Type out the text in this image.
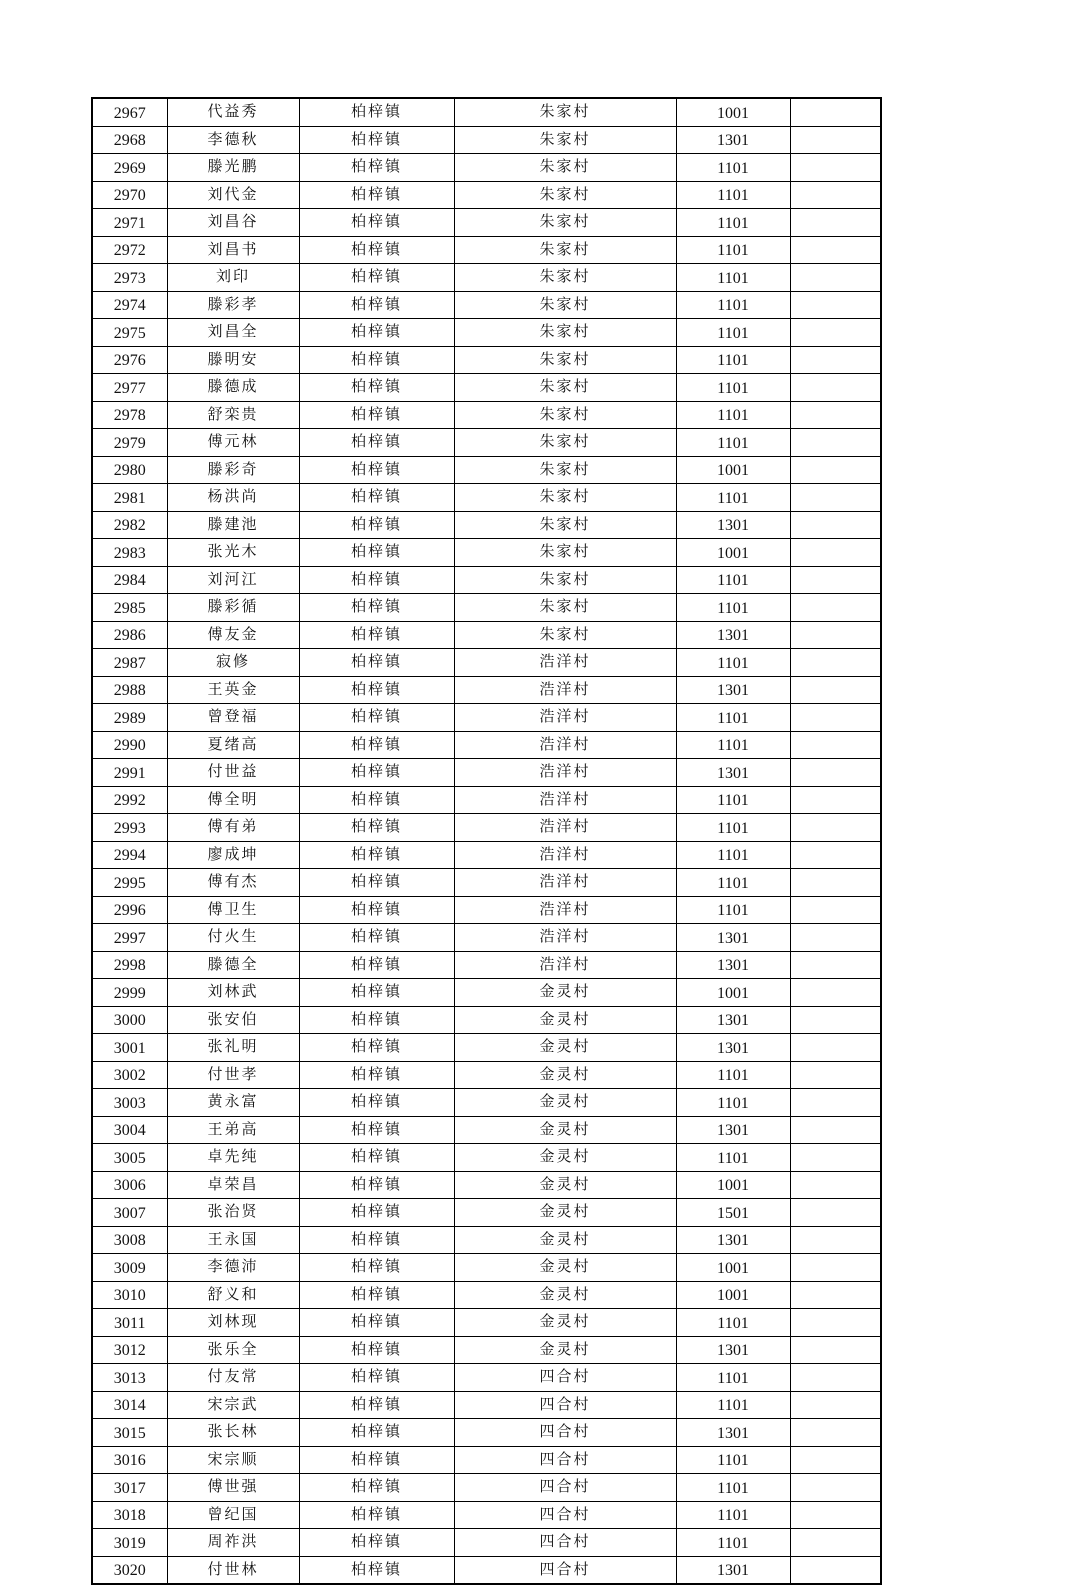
2967	代益秀	柏梓镇	朱家村	1001	
2968	李德秋	柏梓镇	朱家村	1301	
2969	滕光鹏	柏梓镇	朱家村	1101	
2970	刘代金	柏梓镇	朱家村	1101	
2971	刘昌谷	柏梓镇	朱家村	1101	
2972	刘昌书	柏梓镇	朱家村	1101	
2973	刘印	柏梓镇	朱家村	1101	
2974	滕彩孝	柏梓镇	朱家村	1101	
2975	刘昌全	柏梓镇	朱家村	1101	
2976	滕明安	柏梓镇	朱家村	1101	
2977	滕德成	柏梓镇	朱家村	1101	
2978	舒栾贵	柏梓镇	朱家村	1101	
2979	傅元林	柏梓镇	朱家村	1101	
2980	滕彩奇	柏梓镇	朱家村	1001	
2981	杨洪尚	柏梓镇	朱家村	1101	
2982	滕建池	柏梓镇	朱家村	1301	
2983	张光木	柏梓镇	朱家村	1001	
2984	刘河江	柏梓镇	朱家村	1101	
2985	滕彩循	柏梓镇	朱家村	1101	
2986	傅友金	柏梓镇	朱家村	1301	
2987	寂修	柏梓镇	浩洋村	1101	
2988	王英金	柏梓镇	浩洋村	1301	
2989	曾登福	柏梓镇	浩洋村	1101	
2990	夏绪高	柏梓镇	浩洋村	1101	
2991	付世益	柏梓镇	浩洋村	1301	
2992	傅全明	柏梓镇	浩洋村	1101	
2993	傅有弟	柏梓镇	浩洋村	1101	
2994	廖成坤	柏梓镇	浩洋村	1101	
2995	傅有杰	柏梓镇	浩洋村	1101	
2996	傅卫生	柏梓镇	浩洋村	1101	
2997	付火生	柏梓镇	浩洋村	1301	
2998	滕德全	柏梓镇	浩洋村	1301	
2999	刘林武	柏梓镇	金灵村	1001	
3000	张安伯	柏梓镇	金灵村	1301	
3001	张礼明	柏梓镇	金灵村	1301	
3002	付世孝	柏梓镇	金灵村	1101	
3003	黄永富	柏梓镇	金灵村	1101	
3004	王弟高	柏梓镇	金灵村	1301	
3005	卓先纯	柏梓镇	金灵村	1101	
3006	卓荣昌	柏梓镇	金灵村	1001	
3007	张治贤	柏梓镇	金灵村	1501	
3008	王永国	柏梓镇	金灵村	1301	
3009	李德沛	柏梓镇	金灵村	1001	
3010	舒义和	柏梓镇	金灵村	1001	
3011	刘林现	柏梓镇	金灵村	1101	
3012	张乐全	柏梓镇	金灵村	1301	
3013	付友常	柏梓镇	四合村	1101	
3014	宋宗武	柏梓镇	四合村	1101	
3015	张长林	柏梓镇	四合村	1301	
3016	宋宗顺	柏梓镇	四合村	1101	
3017	傅世强	柏梓镇	四合村	1101	
3018	曾纪国	柏梓镇	四合村	1101	
3019	周祚洪	柏梓镇	四合村	1101	
3020	付世林	柏梓镇	四合村	1301	
